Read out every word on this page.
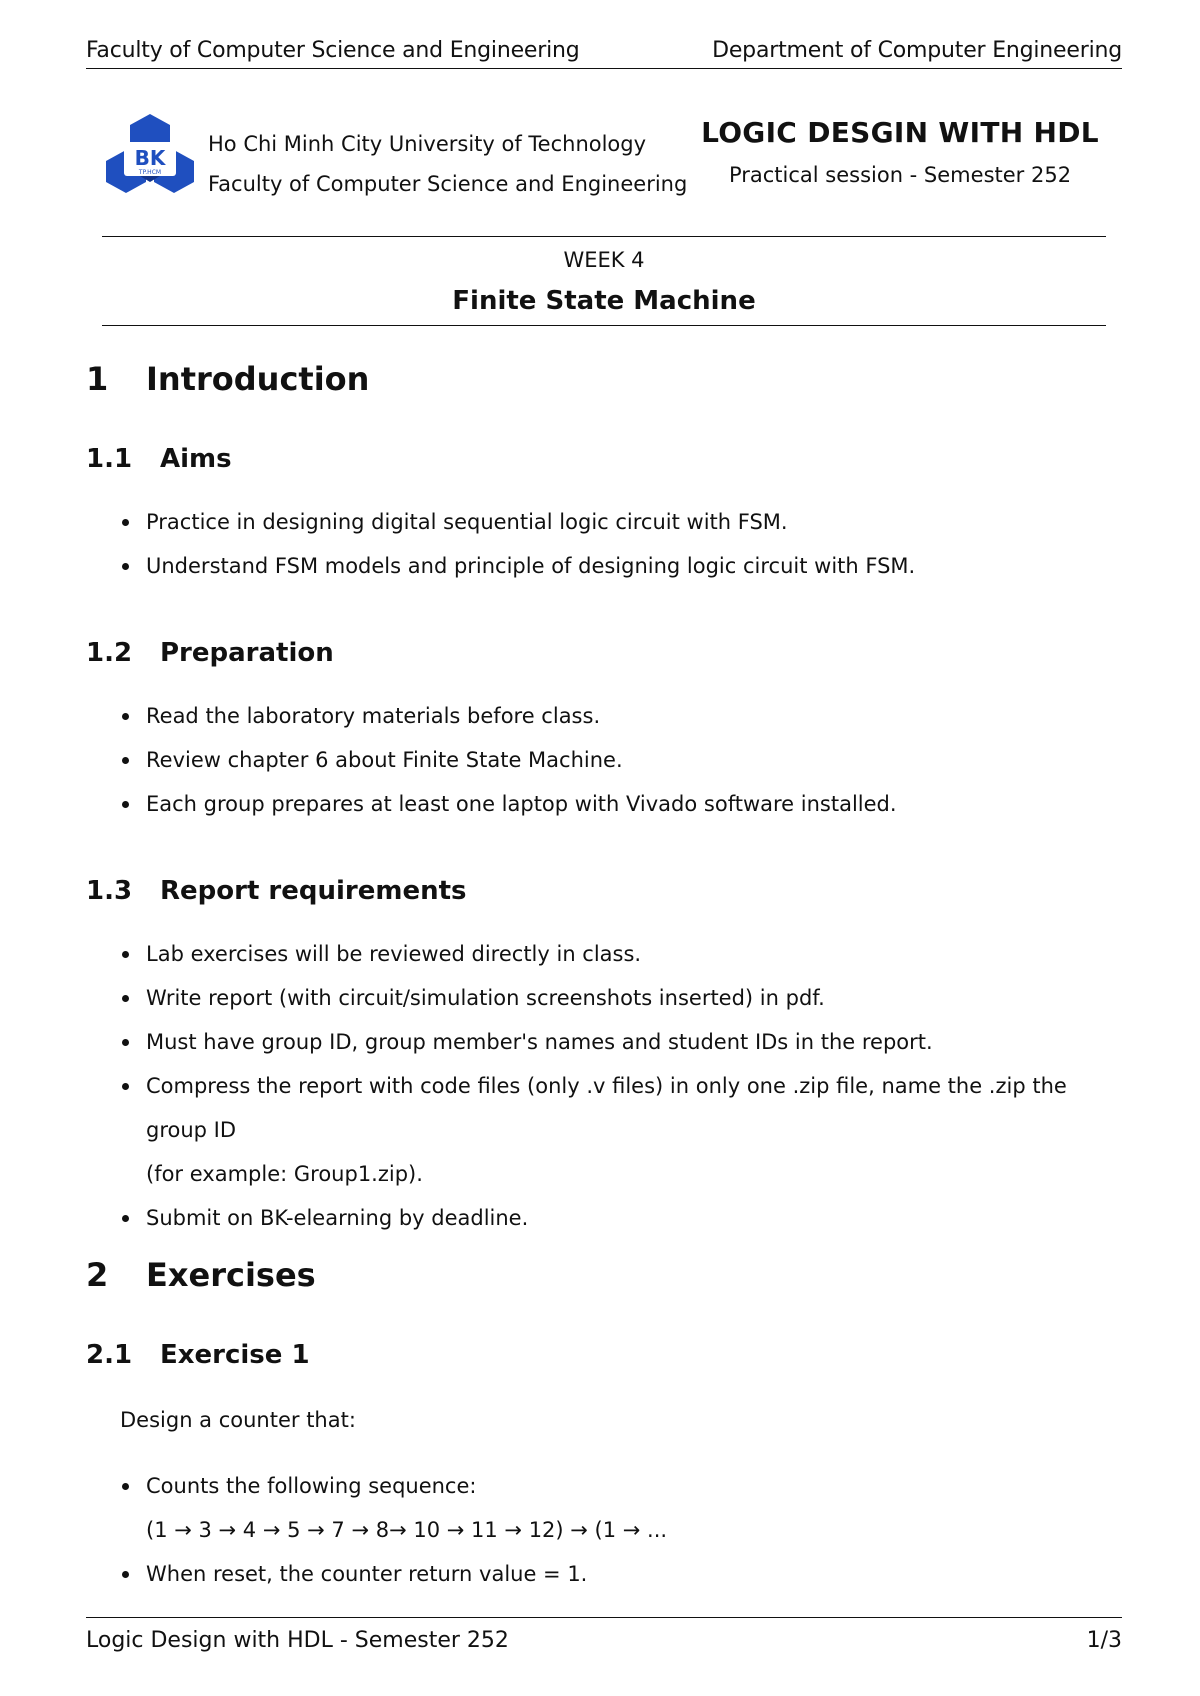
Faculty of Computer Science and Engineering	Department of Computer Engineering
BK
TP.HCM
Ho Chi Minh City University of Technology
Faculty of Computer Science and Engineering
LOGIC DESGIN WITH HDL
Practical session - Semester 252
WEEK 4
Finite State Machine
1 Introduction
1.1 Aims
Practice in designing digital sequential logic circuit with FSM.
Understand FSM models and principle of designing logic circuit with FSM.
1.2 Preparation
Read the laboratory materials before class.
Review chapter 6 about Finite State Machine.
Each group prepares at least one laptop with Vivado software installed.
1.3 Report requirements
Lab exercises will be reviewed directly in class.
Write report (with circuit/simulation screenshots inserted) in pdf.
Must have group ID, group member's names and student IDs in the report.
Compress the report with code files (only .v files) in only one .zip file, name the .zip the group ID
(for example: Group1.zip).
Submit on BK-elearning by deadline.
2 Exercises
2.1 Exercise 1
Design a counter that:
Counts the following sequence:
(1 → 3 → 4 → 5 → 7 → 8→ 10 → 11 → 12) → (1 → ...
When reset, the counter return value = 1.
Logic Design with HDL - Semester 252	1/3
